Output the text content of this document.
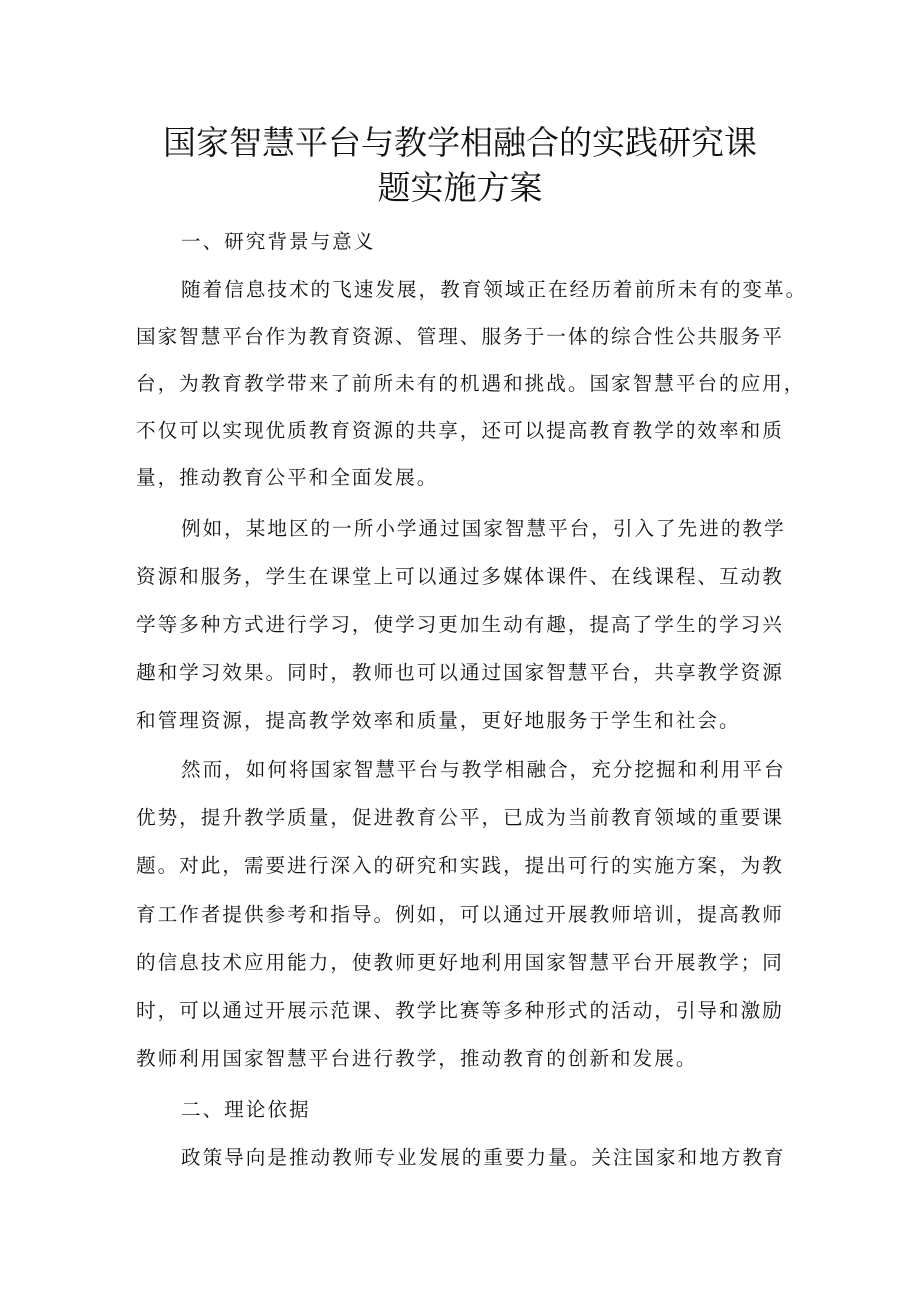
国家智慧平台与教学相融合的实践研究课
题实施方案
一、研究背景与意义
随着信息技术的飞速发展，教育领域正在经历着前所未有的变革。
国家智慧平台作为教育资源、管理、服务于一体的综合性公共服务平
台，为教育教学带来了前所未有的机遇和挑战。国家智慧平台的应用，
不仅可以实现优质教育资源的共享，还可以提高教育教学的效率和质
量，推动教育公平和全面发展。
例如，某地区的一所小学通过国家智慧平台，引入了先进的教学
资源和服务，学生在课堂上可以通过多媒体课件、在线课程、互动教
学等多种方式进行学习，使学习更加生动有趣，提高了学生的学习兴
趣和学习效果。同时，教师也可以通过国家智慧平台，共享教学资源
和管理资源，提高教学效率和质量，更好地服务于学生和社会。
然而，如何将国家智慧平台与教学相融合，充分挖掘和利用平台
优势，提升教学质量，促进教育公平，已成为当前教育领域的重要课
题。对此，需要进行深入的研究和实践，提出可行的实施方案，为教
育工作者提供参考和指导。例如，可以通过开展教师培训，提高教师
的信息技术应用能力，使教师更好地利用国家智慧平台开展教学；同
时，可以通过开展示范课、教学比赛等多种形式的活动，引导和激励
教师利用国家智慧平台进行教学，推动教育的创新和发展。
二、理论依据
政策导向是推动教师专业发展的重要力量。关注国家和地方教育
